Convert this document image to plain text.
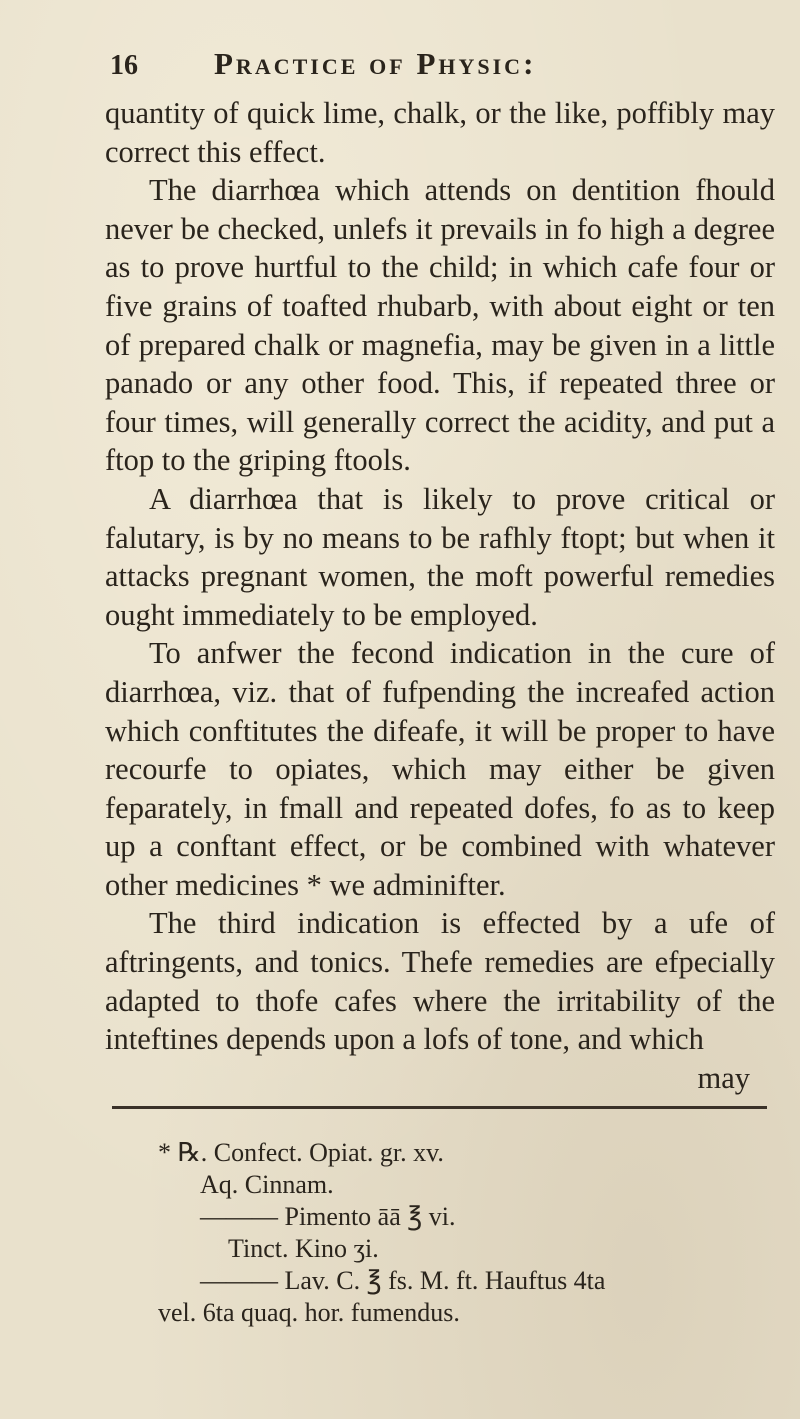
16 Practice of Physic:

quantity of quick lime, chalk, or the like, poffibly may correct this effect.

The diarrhœa which attends on dentition fhould never be checked, unlefs it prevails in fo high a degree as to prove hurtful to the child; in which cafe four or five grains of toafted rhubarb, with about eight or ten of prepared chalk or magnefia, may be given in a little panado or any other food. This, if repeated three or four times, will generally correct the acidity, and put a ftop to the griping ftools.

A diarrhœa that is likely to prove critical or falutary, is by no means to be rafhly ftopt; but when it attacks pregnant women, the moft powerful remedies ought immediately to be employed.

To anfwer the fecond indication in the cure of diarrhœa, viz. that of fufpending the increafed action which conftitutes the difeafe, it will be proper to have recourfe to opiates, which may either be given feparately, in fmall and repeated dofes, fo as to keep up a conftant effect, or be combined with whatever other medicines * we adminifter.

The third indication is effected by a ufe of aftringents, and tonics. Thefe remedies are efpecially adapted to thofe cafes where the irritability of the inteftines depends upon a lofs of tone, and which

may
* ℞. Confect. Opiat. gr. xv.
Aq. Cinnam.
——— Pimento āā ℥ vi.
Tinct. Kino ʒi.
——— Lav. C. ℥ fs. M. ft. Hauftus 4ta
vel. 6ta quaq. hor. fumendus.
